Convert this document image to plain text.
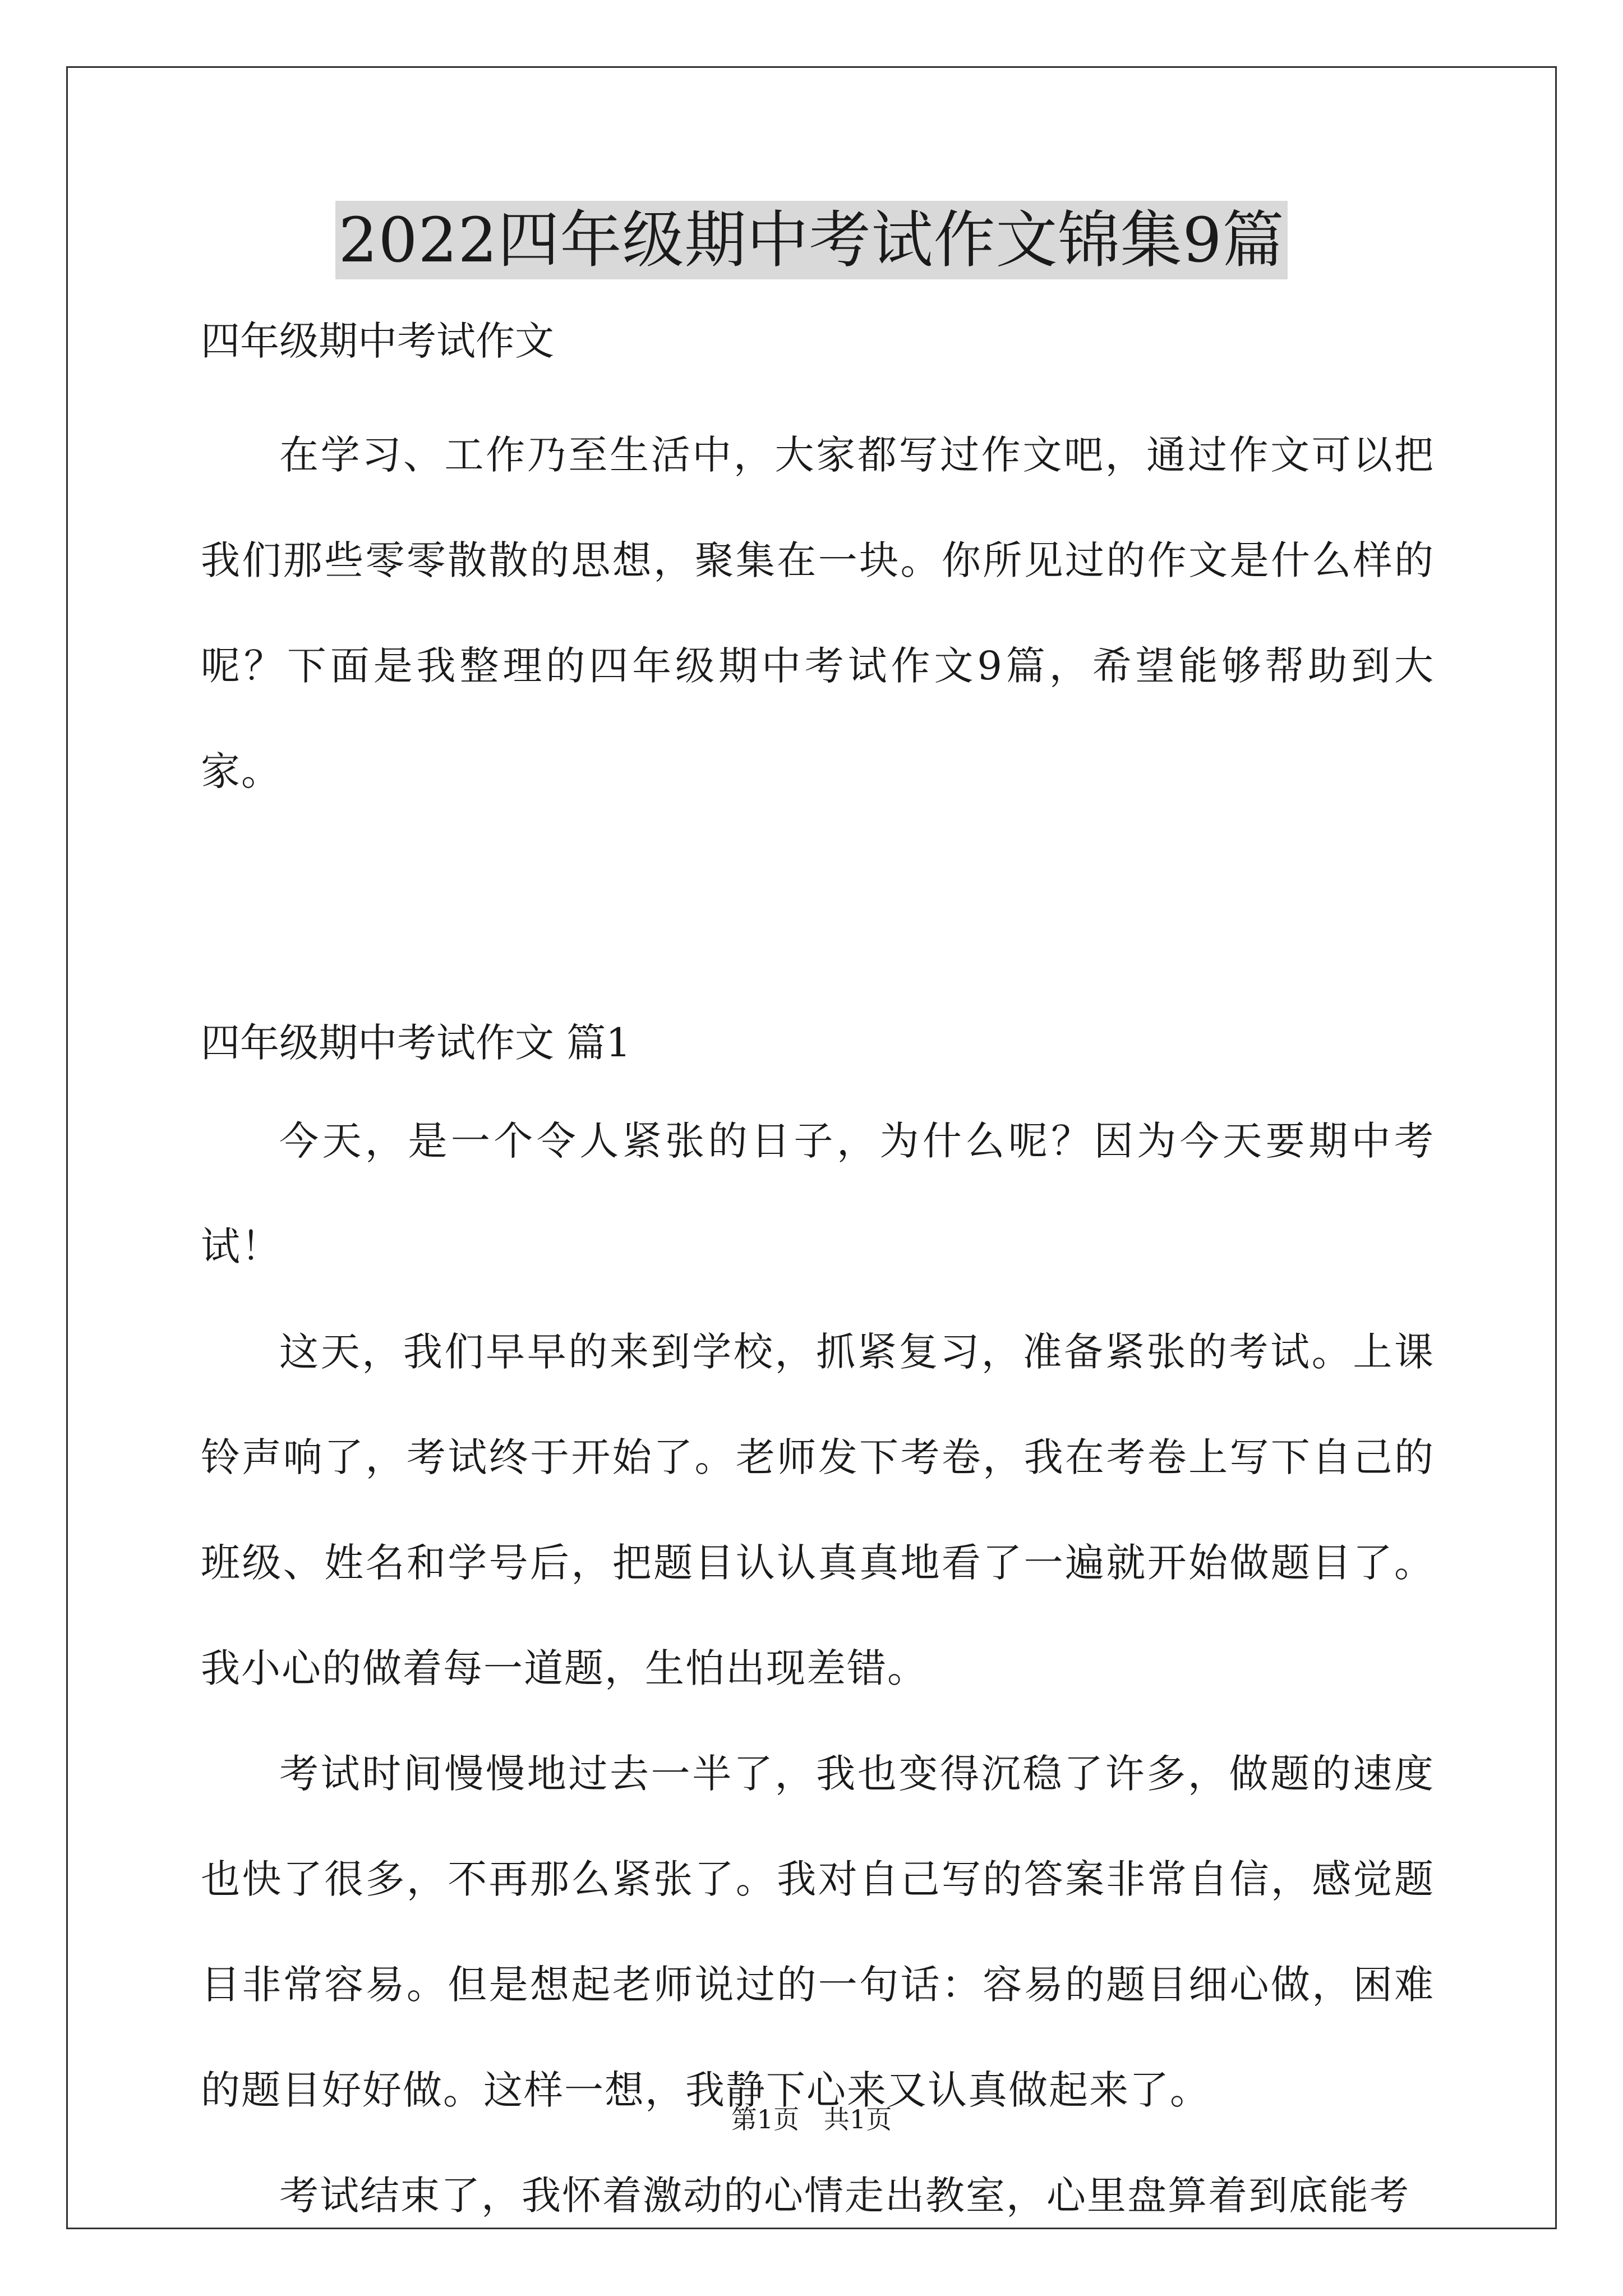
2022四年级期中考试作文锦集9篇
四年级期中考试作文
在学习、工作乃至生活中，大家都写过作文吧，通过作文可以把我们那些零零散散的思想，聚集在一块。你所见过的作文是什么样的呢？下面是我整理的四年级期中考试作文9篇，希望能够帮助到大家。
四年级期中考试作文 篇1
今天，是一个令人紧张的日子，为什么呢？因为今天要期中考试！
这天，我们早早的来到学校，抓紧复习，准备紧张的考试。上课铃声响了，考试终于开始了。老师发下考卷，我在考卷上写下自己的班级、姓名和学号后，把题目认认真真地看了一遍就开始做题目了。我小心的做着每一道题，生怕出现差错。
考试时间慢慢地过去一半了，我也变得沉稳了许多，做题的速度也快了很多，不再那么紧张了。我对自己写的答案非常自信，感觉题目非常容易。但是想起老师说过的一句话：容易的题目细心做，困难的题目好好做。这样一想，我静下心来又认真做起来了。
考试结束了，我怀着激动的心情走出教室，心里盘算着到底能考
第1页   共1页
